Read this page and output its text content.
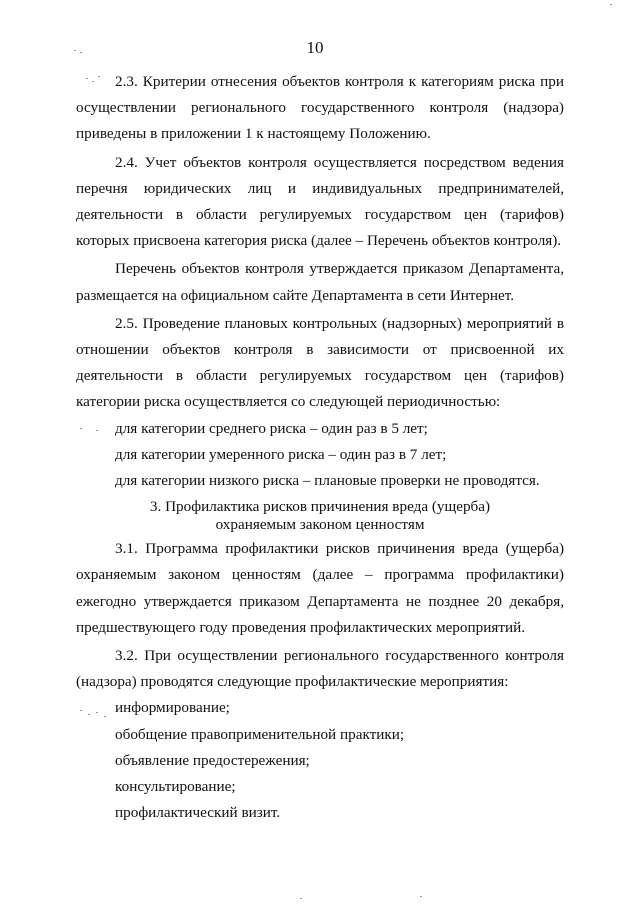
10

2.3. Критерии отнесения объектов контроля к категориям риска при осуществлении регионального государственного контроля (надзора) приведены в приложении 1 к настоящему Положению.

2.4. Учет объектов контроля осуществляется посредством ведения перечня юридических лиц и индивидуальных предпринимателей, деятельности в области регулируемых государством цен (тарифов) которых присвоена категория риска (далее – Перечень объектов контроля).

Перечень объектов контроля утверждается приказом Департамента, размещается на официальном сайте Департамента в сети Интернет.

2.5. Проведение плановых контрольных (надзорных) мероприятий в отношении объектов контроля в зависимости от присвоенной их деятельности в области регулируемых государством цен (тарифов) категории риска осуществляется со следующей периодичностью:

для категории среднего риска – один раз в 5 лет;

для категории умеренного риска – один раз в 7 лет;

для категории низкого риска – плановые проверки не проводятся.

3. Профилактика рисков причинения вреда (ущерба)
охраняемым законом ценностям

3.1. Программа профилактики рисков причинения вреда (ущерба) охраняемым законом ценностям (далее – программа профилактики) ежегодно утверждается приказом Департамента не позднее 20 декабря, предшествующего году проведения профилактических мероприятий.

3.2. При осуществлении регионального государственного контроля (надзора) проводятся следующие профилактические мероприятия:

информирование;

обобщение правоприменительной практики;

объявление предостережения;

консультирование;

профилактический визит.
